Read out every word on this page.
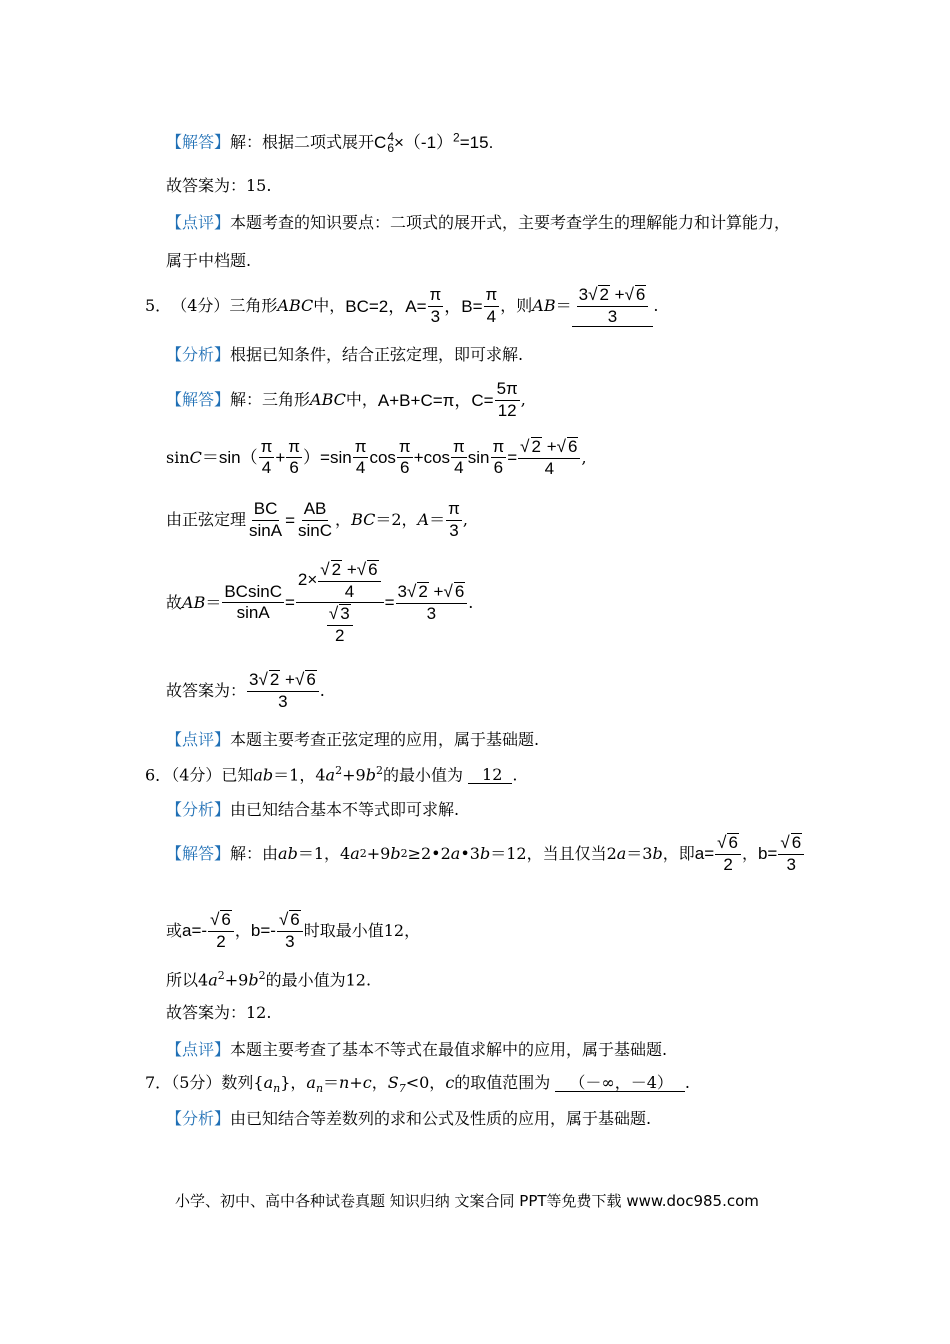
【解答】解：根据二项式展开C 4
$6 \times(-1)^2=15$.
故答案为：15.
【点评】本题考查的知识要点：二项式的展开式，主要考查学生的理解能力和计算能力，
属于中档题.
5． （4分） 三角形 ABC 中， BC=2，$A= \frac{\pi}{3}$ ，$B= \frac{\pi}{4}$ ，则 AB ＝ $\frac{3√ 2 +√ 6}{3}$ .
【分析】根据已知条件，结合正弦定理，即可求解.
【解答】 解：三角形 ABC 中， A+B+C=π，$C= \frac{5\pi}{12}$ ,
$\sin C =\sin( \frac{\pi}{4} + \frac{\pi}{6} )=\sin \frac{\pi}{4}$ $\cos \frac{\pi}{6} +\cos \frac{\pi}{4}$ $\sin \frac{\pi}{6} = \frac{√ 2 +√ 6}{4}$ ,
由正弦定理 $\frac{BC}{\sin A} = \frac{AB}{\sin C}$ ， BC ＝2， $A = \frac{\pi}{3}$ ,
故 AB ＝ $\frac{BCsinC}{\sin A} = \frac{2\times \frac{√ 2 +√ 6}{4}}{\frac{√ 3}{2}} = \frac{3√ 2 +√ 6}{3}$ .
故答案为： $\frac{3√ 2 +√ 6}{3}$ .
【点评】本题主要考查正弦定理的应用，属于基础题.
6．（4分）已知ab＝1，$4a^2+9b^2$的最小值为 12 .
【分析】由已知结合基本不等式即可求解.
【解答】 解：由 ab ＝1，4 a 2 +9 b 2 ≥2•2 a •3 b ＝12，当且仅当2 a ＝3 b ，即 $a= \frac{√ 6}{2}$ ， $b= \frac{√ 6}{3}$
或 $a=- \frac{√ 6}{2}$ ， $b=- \frac{√ 6}{3}$ 时取最小值12，
所以$4a^2+9b^2$的最小值为12.
故答案为：12.
【点评】本题主要考查了基本不等式在最值求解中的应用，属于基础题.
7．（5分）数列$\{a_n\}$，$a_n=n+c$，$S_7<0$，c的取值范围为 （－∞，－4） .
【分析】由已知结合等差数列的求和公式及性质的应用，属于基础题.
小学、初中、高中各种试卷真题 知识归纳 文案合同 PPT等免费下载 www.doc985.com
